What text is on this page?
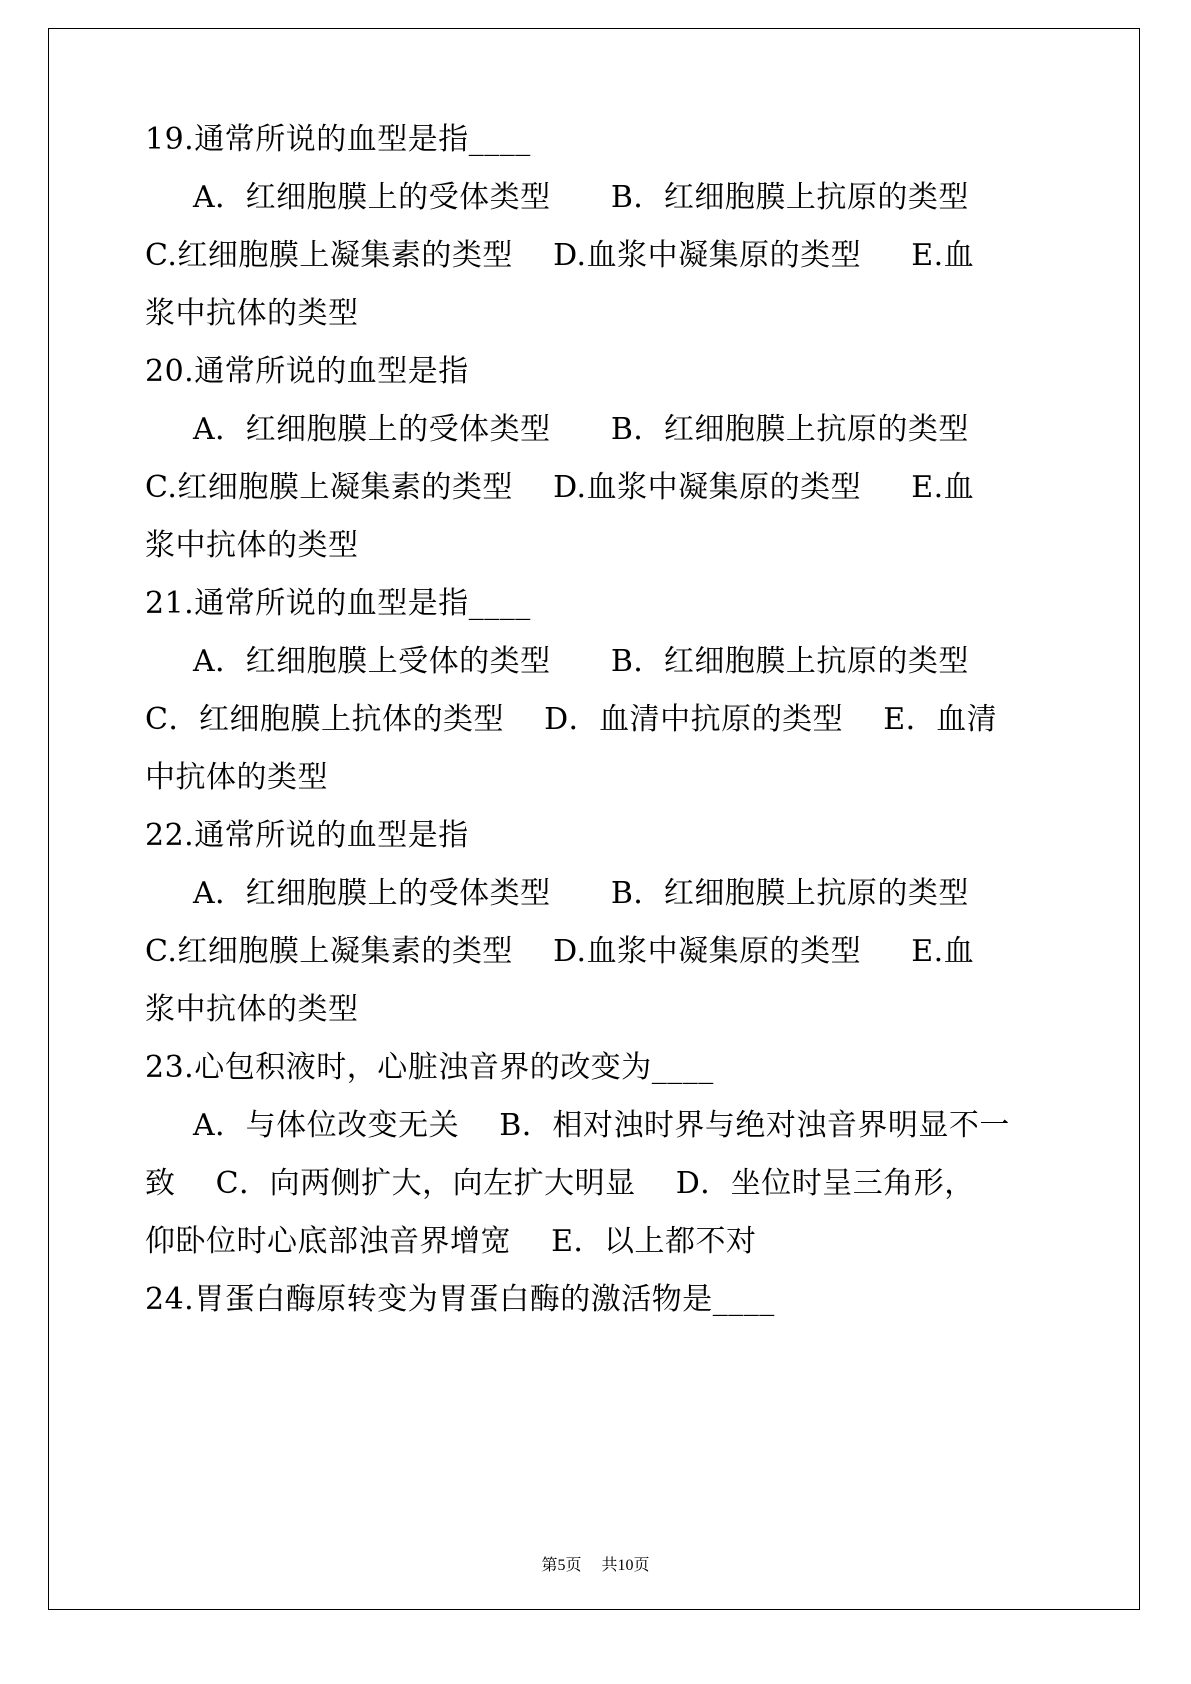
19.通常所说的血型是指____
A．红细胞膜上的受体类型      B．红细胞膜上抗原的类型
C.红细胞膜上凝集素的类型    D.血浆中凝集原的类型     E.血
浆中抗体的类型
20.通常所说的血型是指
A．红细胞膜上的受体类型      B．红细胞膜上抗原的类型
C.红细胞膜上凝集素的类型    D.血浆中凝集原的类型     E.血
浆中抗体的类型
21.通常所说的血型是指____
A．红细胞膜上受体的类型      B．红细胞膜上抗原的类型
C．红细胞膜上抗体的类型    D．血清中抗原的类型    E．血清
中抗体的类型
22.通常所说的血型是指
A．红细胞膜上的受体类型      B．红细胞膜上抗原的类型
C.红细胞膜上凝集素的类型    D.血浆中凝集原的类型     E.血
浆中抗体的类型
23.心包积液时，心脏浊音界的改变为____
A．与体位改变无关    B．相对浊时界与绝对浊音界明显不一
致    C．向两侧扩大，向左扩大明显    D．坐位时呈三角形，
仰卧位时心底部浊音界增宽    E．以上都不对
24.胃蛋白酶原转变为胃蛋白酶的激活物是____
第5页 共10页
